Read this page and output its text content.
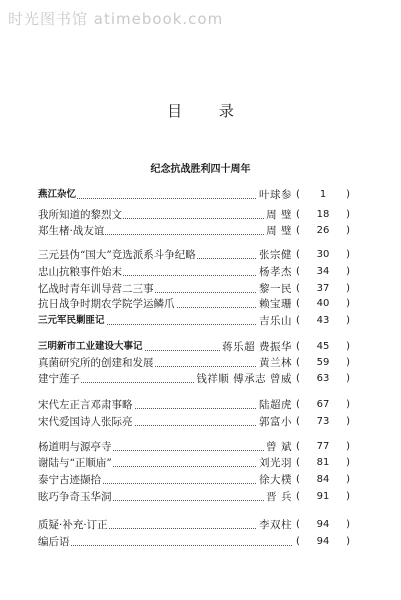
时光图书馆 atimebook.com
目 录
纪念抗战胜利四十周年
燕江杂忆	叶球参 (	1	)
我所知道的黎烈文	周 璧 (	18	)
郑生楮·战友谊	周 璧 (	26	)
三元县伪“国大”竞选派系斗争纪略	张宗健 (	30	)
忠山抗粮事件始末	杨孝杰 (	34	)
忆战时青年训导营二三事	黎一民 (	37	)
抗日战争时期农学院学运鳞爪	赖宝珊 (	40	)
三元军民剿匪记	吉乐山 (	43	)
三明新市工业建设大事记	蒋乐超 费振华 (	45	)
真菌研究所的创建和发展	黄兰林 (	59	)
建宁莲子	钱祥顺 傅承志 曾威 (	63	)
宋代左正言邓肃事略	陆超虎 (	67	)
宋代爱国诗人张际亮	郭富小 (	73	)
杨道明与源亭寺	曾 斌 (	77	)
谢陆与“正顺庙”	刘光羽 (	81	)
泰宁古迹撷拾	徐大樸 (	84	)
眩巧争奇玉华洞	晋 兵 (	91	)
质疑·补充·订正	李双柱 (	94	)
编后语	(	94	)
